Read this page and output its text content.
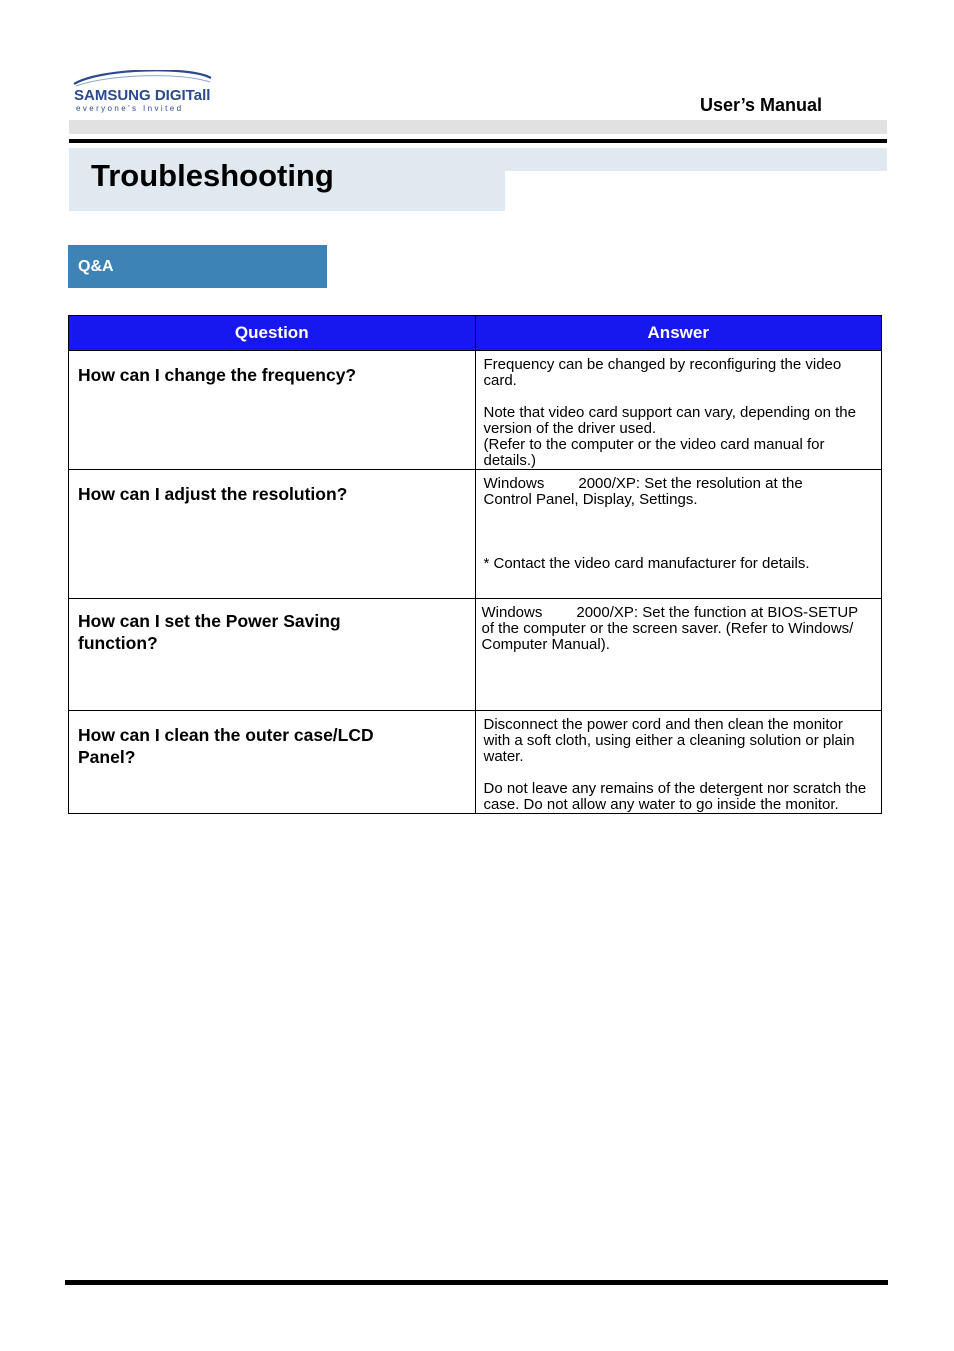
SAMSUNG DIGITall
everyone's Invited	User’s Manual
Troubleshooting
Q&A
Question	Answer
How can I change the frequency?	Frequency can be changed by reconfiguring the video card.

Note that video card support can vary, depending on the version of the driver used.
(Refer to the computer or the video card manual for details.)

How can I adjust the resolution?	Windows 2000/XP: Set the resolution at the
Control Panel, Display, Settings.

* Contact the video card manufacturer for details.

How can I set the Power Saving function?	Windows 2000/XP: Set the function at BIOS-SETUP
of the computer or the screen saver. (Refer to Windows/
Computer Manual).

How can I clean the outer case/LCD Panel?	Disconnect the power cord and then clean the monitor with a soft cloth, using either a cleaning solution or plain water.

Do not leave any remains of the detergent nor scratch the case. Do not allow any water to go inside the monitor.
